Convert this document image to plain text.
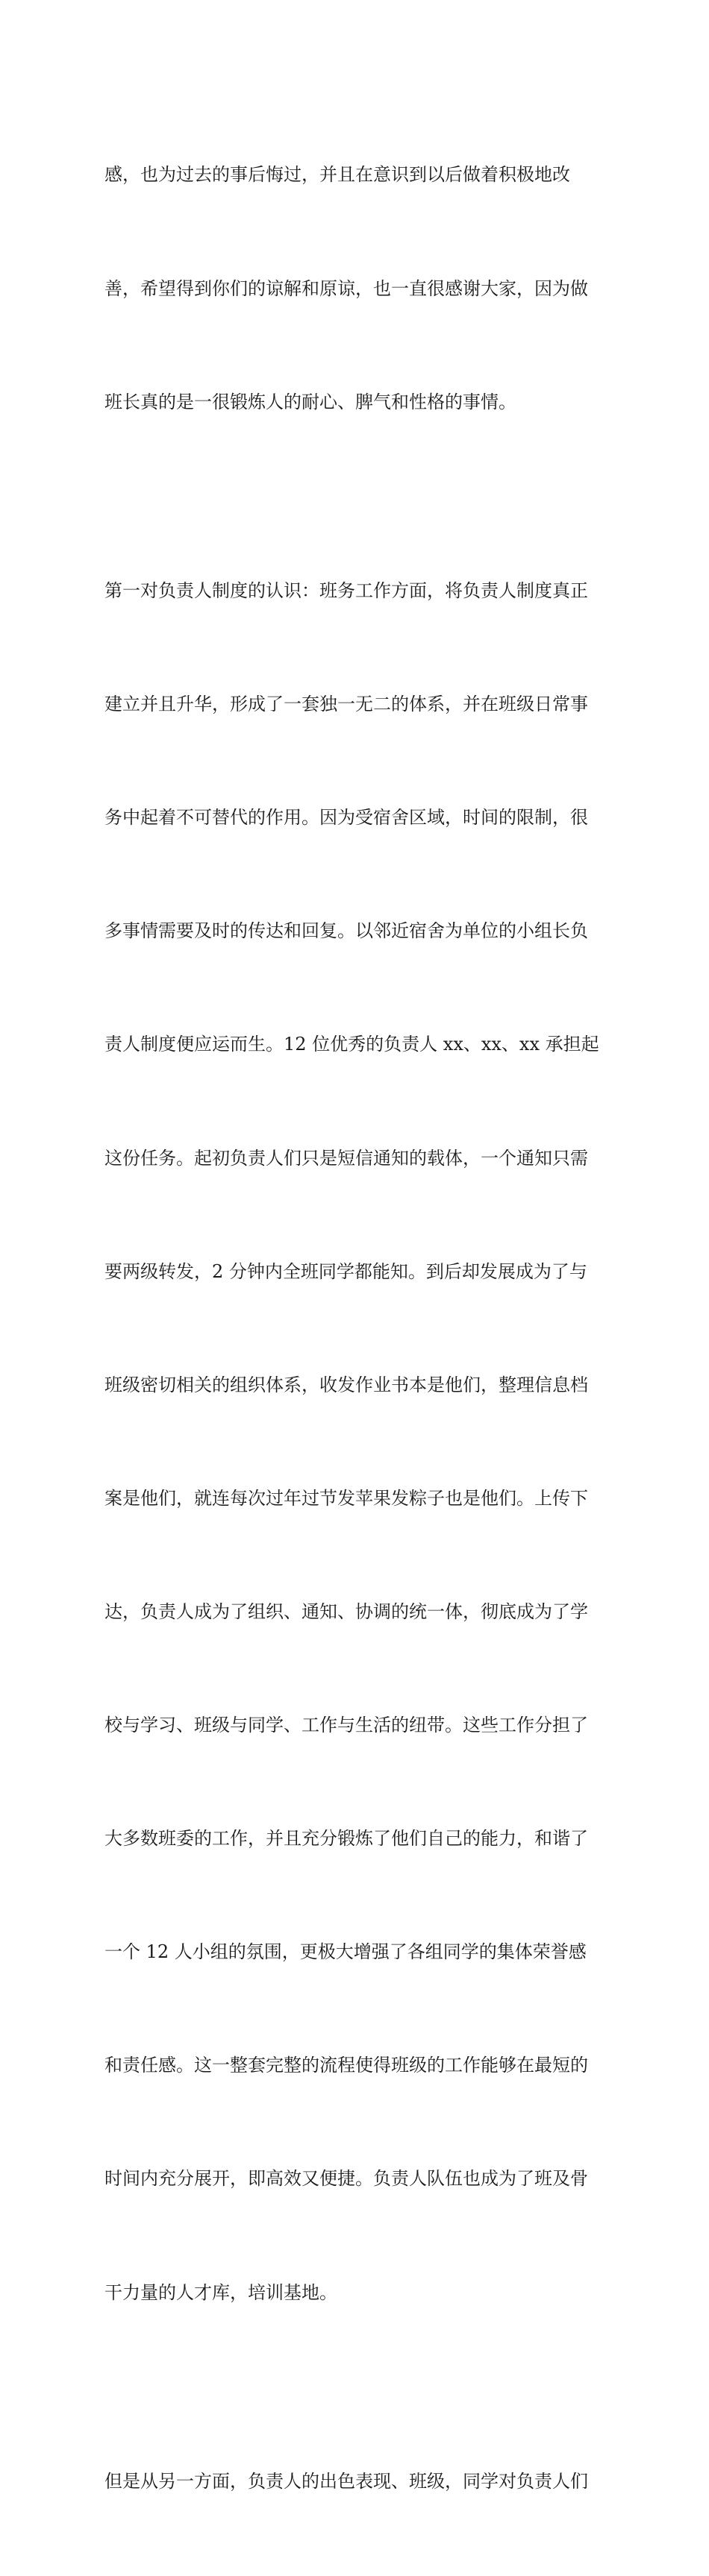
感，也为过去的事后悔过，并且在意识到以后做着积极地改

善，希望得到你们的谅解和原谅，也一直很感谢大家，因为做

班长真的是一很锻炼人的耐心、脾气和性格的事情。

第一对负责人制度的认识：班务工作方面，将负责人制度真正

建立并且升华，形成了一套独一无二的体系，并在班级日常事

务中起着不可替代的作用。因为受宿舍区域，时间的限制，很

多事情需要及时的传达和回复。以邻近宿舍为单位的小组长负

责人制度便应运而生。12 位优秀的负责人 xx、xx、xx 承担起

这份任务。起初负责人们只是短信通知的载体，一个通知只需

要两级转发，2 分钟内全班同学都能知。到后却发展成为了与

班级密切相关的组织体系，收发作业书本是他们，整理信息档

案是他们，就连每次过年过节发苹果发粽子也是他们。上传下

达，负责人成为了组织、通知、协调的统一体，彻底成为了学

校与学习、班级与同学、工作与生活的纽带。这些工作分担了

大多数班委的工作，并且充分锻炼了他们自己的能力，和谐了

一个 12 人小组的氛围，更极大增强了各组同学的集体荣誉感

和责任感。这一整套完整的流程使得班级的工作能够在最短的

时间内充分展开，即高效又便捷。负责人队伍也成为了班及骨

干力量的人才库，培训基地。

但是从另一方面，负责人的出色表现、班级，同学对负责人们
